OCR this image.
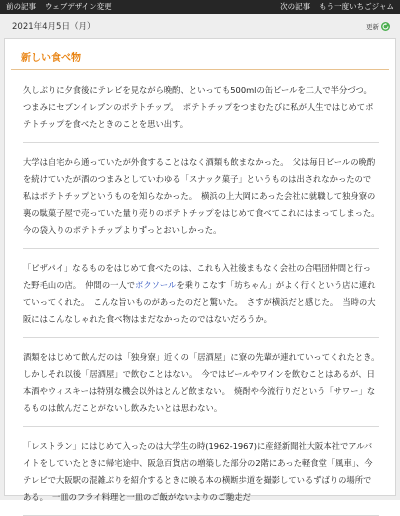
前の記事 ウェブデザイン変更	次の記事 もう一度いちごジャム
2021年4月5日（月）	更新
新しい食べ物

久しぶりに夕食後にテレビを見ながら晩酌、といっても500mlの缶ビールを二人で半分づつ。　つまみにセブンイレブンのポテトチップ。　ポテトチップをつまむたびに私が人生ではじめてポテトチップを食べたときのことを思い出す。

大学は自宅から通っていたが外食することはなく酒類も飲まなかった。　父は毎日ビールの晩酌を続けていたが酒のつまみとしていわゆる「スナック菓子」というものは出されなかったので私はポテトチップというものを知らなかった。　横浜の上大岡にあった会社に就職して独身寮の裏の駄菓子屋で売っていた量り売りのポテトチップをはじめて食べてこれにはまってしまった。　今の袋入りのポテトチップよりずっとおいしかった。

「ピザパイ」なるものをはじめて食べたのは、これも入社後まもなく会社の合唱団仲間と行った野毛山の店。　仲間の一人でボクソールを乗りこなす「坊ちゃん」がよく行くという店に連れていってくれた。　こんな旨いものがあったのだと驚いた。　さすが横浜だと感じた。　当時の大阪にはこんなしゃれた食べ物はまだなかったのではないだろうか。

酒類をはじめて飲んだのは「独身寮」近くの「居酒屋」に寮の先輩が連れていってくれたとき。　しかしそれ以後「居酒屋」で飲むことはない。　今ではビールやワインを飲むことはあるが、日本酒やウィスキーは特別な機会以外はとんど飲まない。　焼酎や今流行りだという「サワー」なるものは飲んだことがないし飲みたいとは思わない。

「レストラン」にはじめて入ったのは大学生の時(1962-1967)に産経新聞社大阪本社でアルバイトをしていたときに帰宅途中、阪急百貨店の増築した部分の2階にあった軽食堂「風車」、今テレビで大阪駅の混雑ぶりを紹介するときに映る本の横断歩道を撮影しているずばりの場所である。　一皿のフライ料理と一皿のご飯がないよりのご馳走だ
